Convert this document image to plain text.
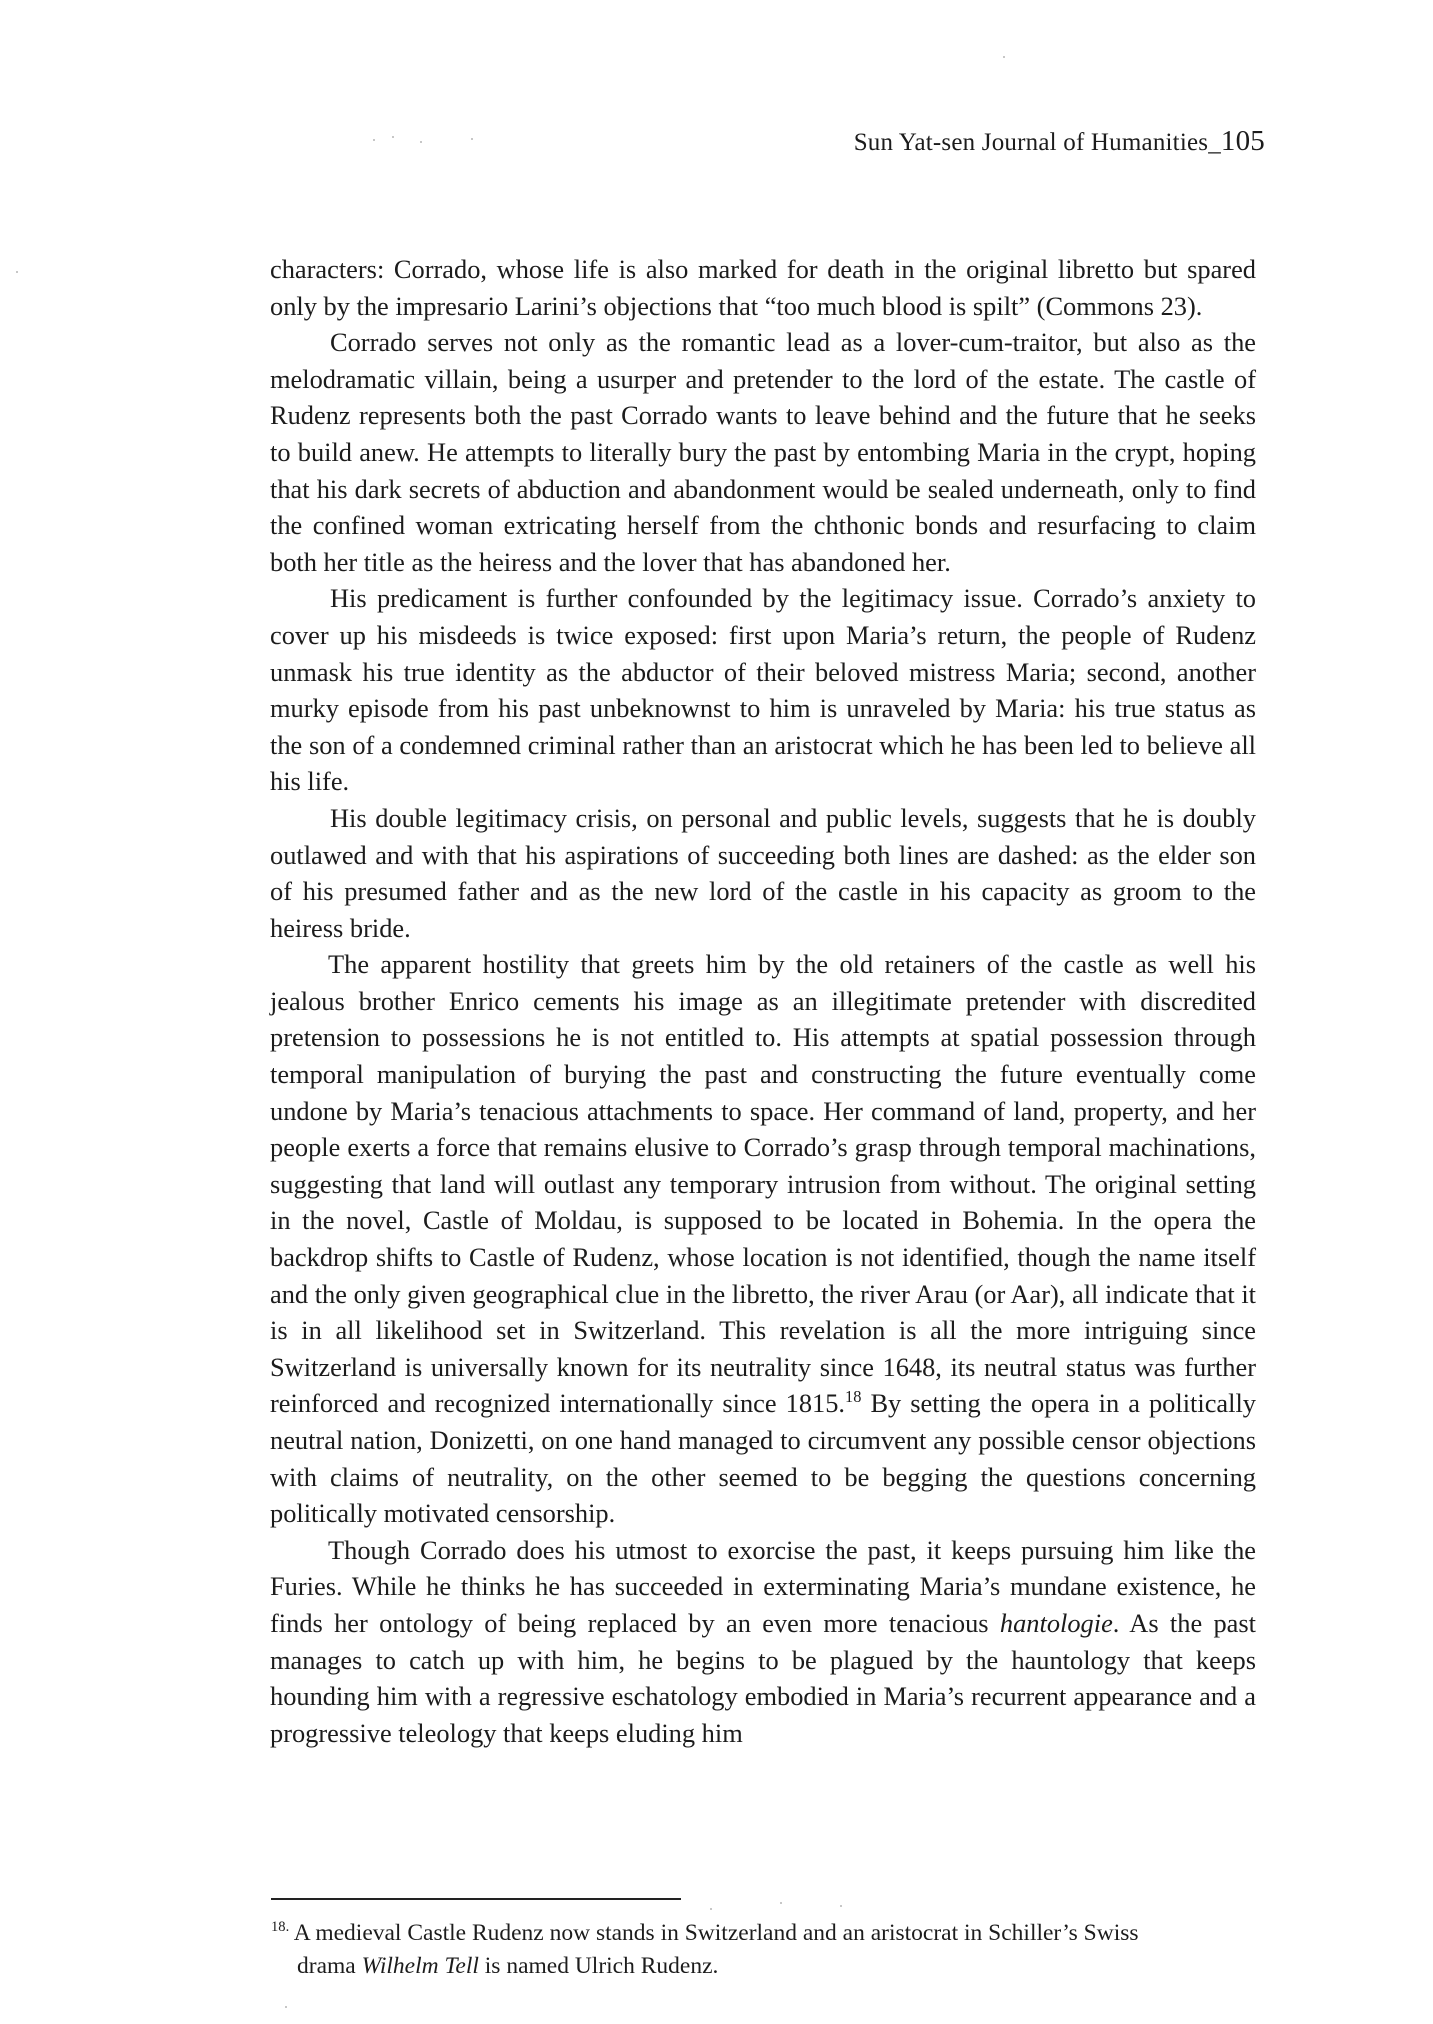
Sun Yat-sen Journal of Humanities_105

characters: Corrado, whose life is also marked for death in the original libretto but spared only by the impresario Larini’s objections that “too much blood is spilt” (Commons 23).

Corrado serves not only as the romantic lead as a lover-cum-traitor, but also as the melodramatic villain, being a usurper and pretender to the lord of the estate. The castle of Rudenz represents both the past Corrado wants to leave behind and the future that he seeks to build anew. He attempts to literally bury the past by entombing Maria in the crypt, hoping that his dark secrets of abduction and abandonment would be sealed underneath, only to find the confined woman extricating herself from the chthonic bonds and resurfacing to claim both her title as the heiress and the lover that has abandoned her.

His predicament is further confounded by the legitimacy issue. Corrado’s anxiety to cover up his misdeeds is twice exposed: first upon Maria’s return, the people of Rudenz unmask his true identity as the abductor of their beloved mistress Maria; second, another murky episode from his past unbeknownst to him is unraveled by Maria: his true status as the son of a condemned criminal rather than an aristocrat which he has been led to believe all his life.

His double legitimacy crisis, on personal and public levels, suggests that he is doubly outlawed and with that his aspirations of succeeding both lines are dashed: as the elder son of his presumed father and as the new lord of the castle in his capacity as groom to the heiress bride.

The apparent hostility that greets him by the old retainers of the castle as well his jealous brother Enrico cements his image as an illegitimate pretender with discredited pretension to possessions he is not entitled to. His attempts at spatial possession through temporal manipulation of burying the past and constructing the future eventually come undone by Maria’s tenacious attachments to space. Her command of land, property, and her people exerts a force that remains elusive to Corrado’s grasp through temporal machinations, suggesting that land will outlast any temporary intrusion from without. The original setting in the novel, Castle of Moldau, is supposed to be located in Bohemia. In the opera the backdrop shifts to Castle of Rudenz, whose location is not identified, though the name itself and the only given geographical clue in the libretto, the river Arau (or Aar), all indicate that it is in all likelihood set in Switzerland. This revelation is all the more intriguing since Switzerland is universally known for its neutrality since 1648, its neutral status was further reinforced and recognized internationally since 1815.18 By setting the opera in a politically neutral nation, Donizetti, on one hand managed to circumvent any possible censor objections with claims of neutrality, on the other seemed to be begging the questions concerning politically motivated censorship.

Though Corrado does his utmost to exorcise the past, it keeps pursuing him like the Furies. While he thinks he has succeeded in exterminating Maria’s mundane existence, he finds her ontology of being replaced by an even more tenacious hantologie. As the past manages to catch up with him, he begins to be plagued by the hauntology that keeps hounding him with a regressive eschatology embodied in Maria’s recurrent appearance and a progressive teleology that keeps eluding him

$^{18.}$ A medieval Castle Rudenz now stands in Switzerland and an aristocrat in Schiller’s Swiss
drama Wilhelm Tell is named Ulrich Rudenz.
